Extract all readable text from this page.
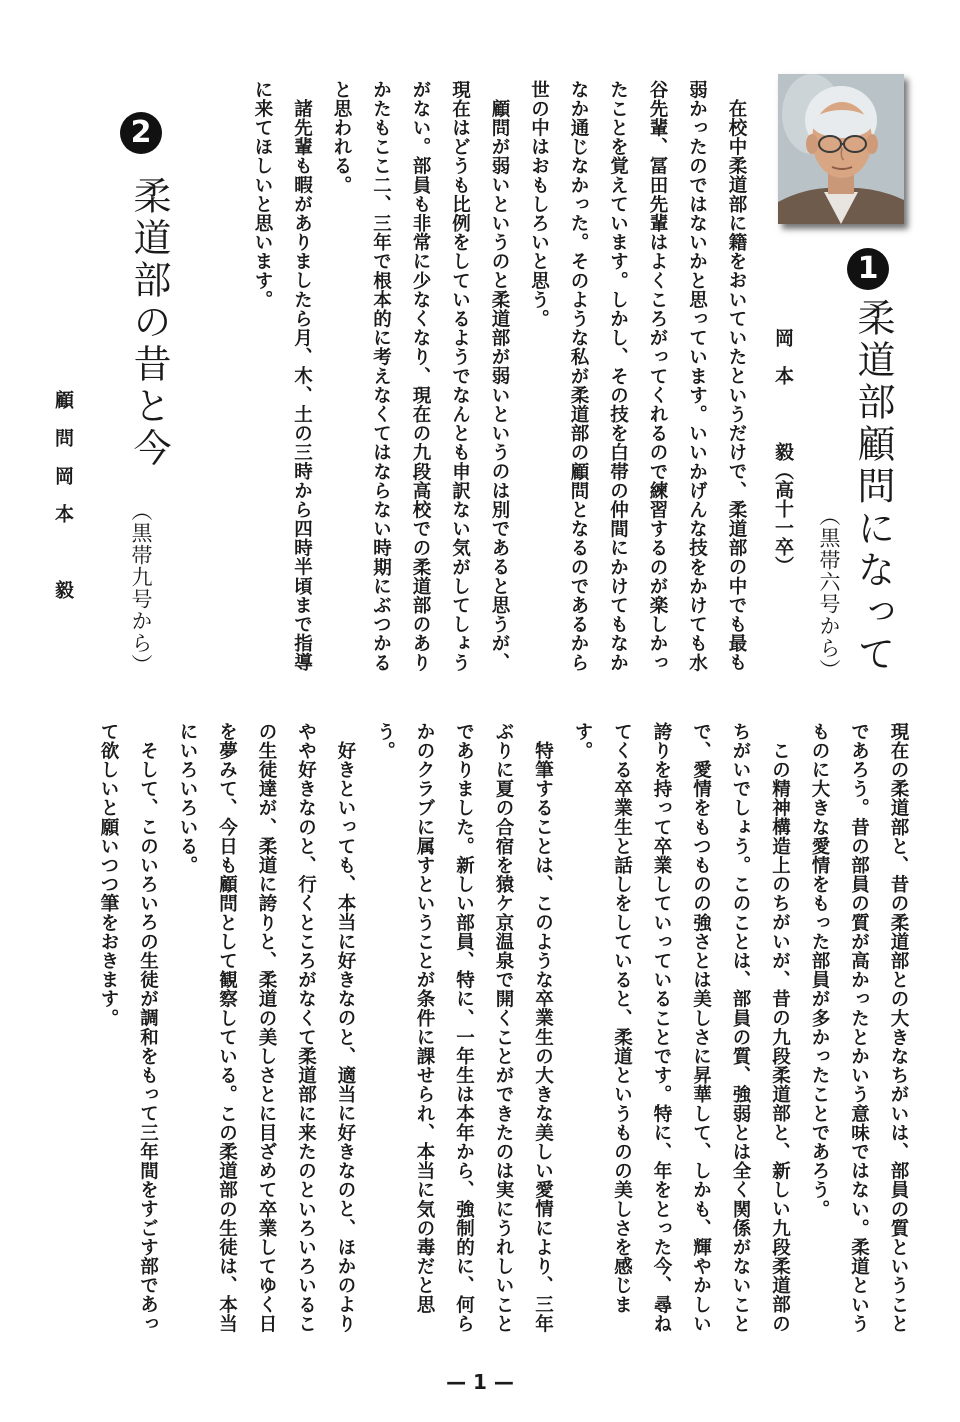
1
柔道部顧問になって
（黒帯六号から）
岡　本　　　毅（高十一卒）

在校中柔道部に籍をおいていたというだけで、柔道部の中でも最も弱かったのではないかと思っています。いいかげんな技をかけても水谷先輩、冨田先輩はよくころがってくれるので練習するのが楽しかったことを覚えています。しかし、その技を白帯の仲間にかけてもなかなか通じなかった。そのような私が柔道部の顧問となるのであるから世の中はおもしろいと思う。

顧問が弱いというのと柔道部が弱いというのは別であると思うが、現在はどうも比例をしているようでなんとも申訳ない気がしてしょうがない。部員も非常に少なくなり、現在の九段高校での柔道部のありかたもここ二、三年で根本的に考えなくてはならない時期にぶつかると思われる。

諸先輩も暇がありましたら月、木、土の三時から四時半頃まで指導に来てほしいと思います。

2
柔道部の昔と今
（黒帯九号から）
顧　問　岡　本　　　毅

現在の柔道部と、昔の柔道部との大きなちがいは、部員の質ということであろう。昔の部員の質が高かったとかいう意味ではない。柔道というものに大きな愛情をもった部員が多かったことであろう。

この精神構造上のちがいが、昔の九段柔道部と、新しい九段柔道部のちがいでしょう。このことは、部員の質、強弱とは全く関係がないことで、愛情をもつものの強さとは美しさに昇華して、しかも、輝やかしい誇りを持って卒業していっていることです。特に、年をとった今、尋ねてくる卒業生と話しをしていると、柔道というものの美しさを感じます。

特筆することは、このような卒業生の大きな美しい愛情により、三年ぶりに夏の合宿を猿ケ京温泉で開くことができたのは実にうれしいことでありました。新しい部員、特に、一年生は本年から、強制的に、何らかのクラブに属すということが条件に課せられ、本当に気の毒だと思う。

好きといっても、本当に好きなのと、適当に好きなのと、ほかのよりやや好きなのと、行くところがなくて柔道部に来たのといろいろいるこの生徒達が、柔道に誇りと、柔道の美しさとに目ざめて卒業してゆく日を夢みて、今日も顧問として観察している。この柔道部の生徒は、本当にいろいろいる。

そして、このいろいろの生徒が調和をもって三年間をすごす部であって欲しいと願いつつ筆をおきます。

— 1 —
